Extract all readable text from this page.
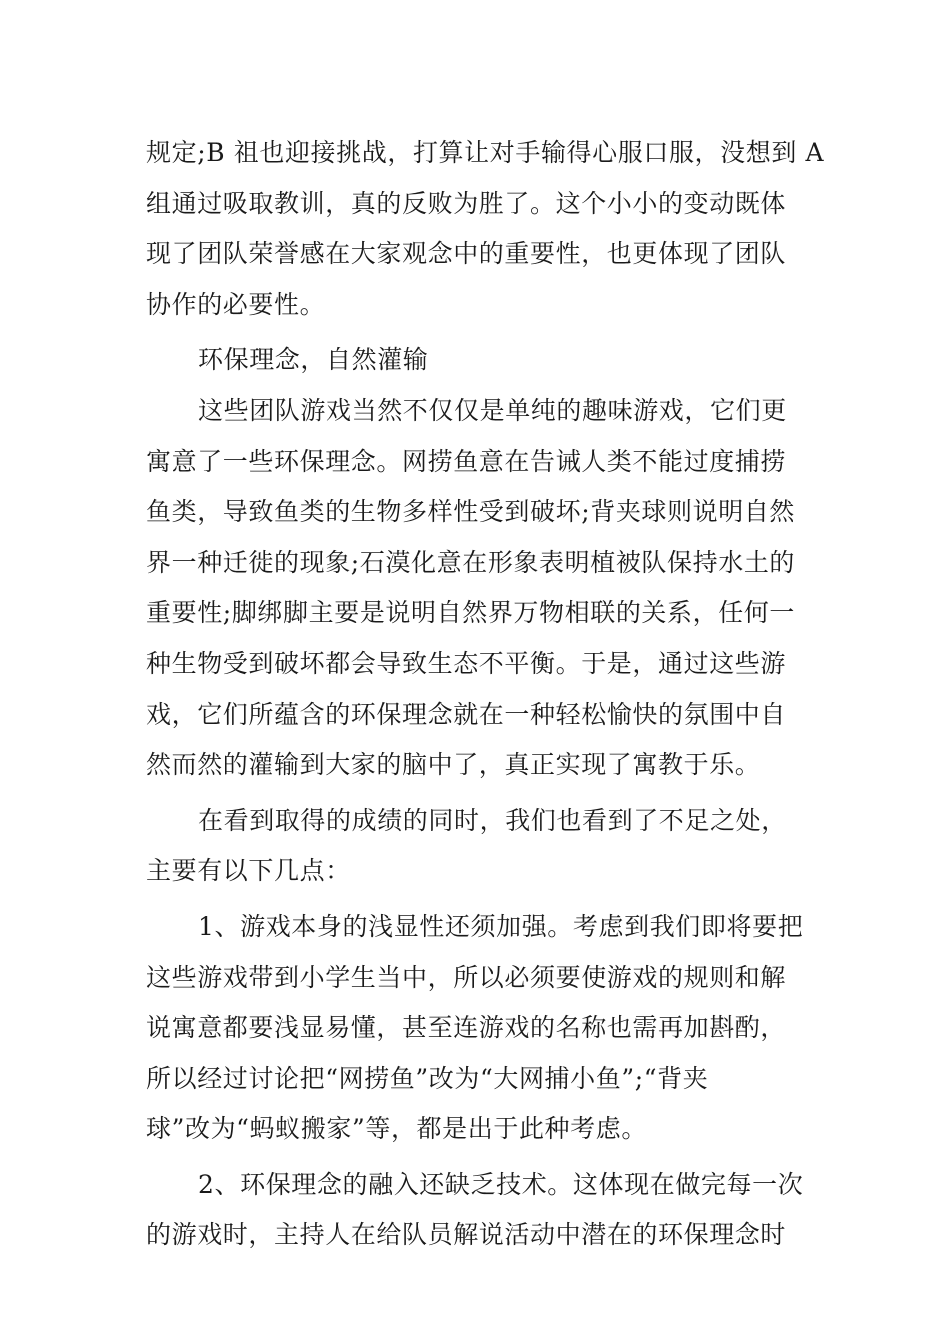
规定;B 祖也迎接挑战，打算让对手输得心服口服，没想到 A
组通过吸取教训，真的反败为胜了。这个小小的变动既体
现了团队荣誉感在大家观念中的重要性，也更体现了团队
协作的必要性。
环保理念，自然灌输
这些团队游戏当然不仅仅是单纯的趣味游戏，它们更
寓意了一些环保理念。网捞鱼意在告诫人类不能过度捕捞
鱼类，导致鱼类的生物多样性受到破坏;背夹球则说明自然
界一种迁徙的现象;石漠化意在形象表明植被队保持水土的
重要性;脚绑脚主要是说明自然界万物相联的关系，任何一
种生物受到破坏都会导致生态不平衡。于是，通过这些游
戏，它们所蕴含的环保理念就在一种轻松愉快的氛围中自
然而然的灌输到大家的脑中了，真正实现了寓教于乐。
在看到取得的成绩的同时，我们也看到了不足之处，
主要有以下几点：
1、游戏本身的浅显性还须加强。考虑到我们即将要把
这些游戏带到小学生当中，所以必须要使游戏的规则和解
说寓意都要浅显易懂，甚至连游戏的名称也需再加斟酌，
所以经过讨论把“网捞鱼”改为“大网捕小鱼”;“背夹
球”改为“蚂蚁搬家”等，都是出于此种考虑。
2、环保理念的融入还缺乏技术。这体现在做完每一次
的游戏时，主持人在给队员解说活动中潜在的环保理念时
